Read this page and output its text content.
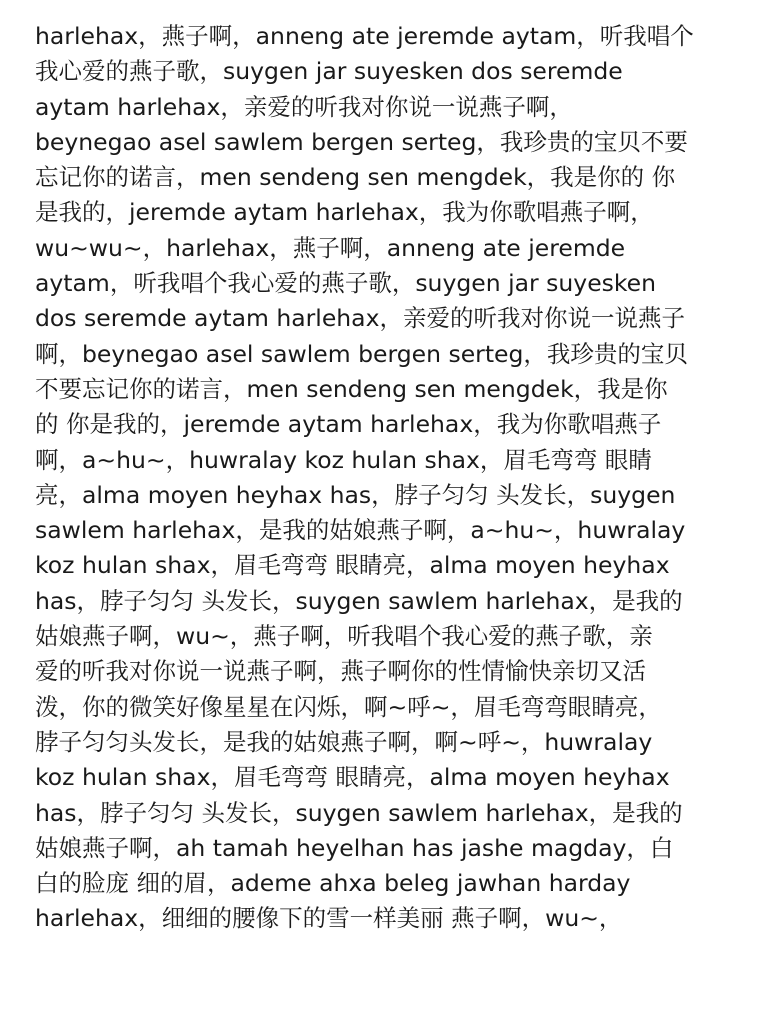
harlehax，燕子啊，anneng ate jeremde aytam，听我唱个
我心爱的燕子歌，suygen jar suyesken dos seremde
aytam harlehax，亲爱的听我对你说一说燕子啊，
beynegao asel sawlem bergen serteg，我珍贵的宝贝不要
忘记你的诺言，men sendeng sen mengdek，我是你的 你
是我的，jeremde aytam harlehax，我为你歌唱燕子啊，
wu~wu~，harlehax，燕子啊，anneng ate jeremde
aytam，听我唱个我心爱的燕子歌，suygen jar suyesken
dos seremde aytam harlehax，亲爱的听我对你说一说燕子
啊，beynegao asel sawlem bergen serteg，我珍贵的宝贝
不要忘记你的诺言，men sendeng sen mengdek，我是你
的 你是我的，jeremde aytam harlehax，我为你歌唱燕子
啊，a~hu~，huwralay koz hulan shax，眉毛弯弯 眼睛
亮，alma moyen heyhax has，脖子匀匀 头发长，suygen
sawlem harlehax，是我的姑娘燕子啊，a~hu~，huwralay
koz hulan shax，眉毛弯弯 眼睛亮，alma moyen heyhax
has，脖子匀匀 头发长，suygen sawlem harlehax，是我的
姑娘燕子啊，wu~，燕子啊，听我唱个我心爱的燕子歌，亲
爱的听我对你说一说燕子啊，燕子啊你的性情愉快亲切又活
泼，你的微笑好像星星在闪烁，啊~呼~，眉毛弯弯眼睛亮，
脖子匀匀头发长，是我的姑娘燕子啊，啊~呼~，huwralay
koz hulan shax，眉毛弯弯 眼睛亮，alma moyen heyhax
has，脖子匀匀 头发长，suygen sawlem harlehax，是我的
姑娘燕子啊，ah tamah heyelhan has jashe magday，白
白的脸庞 细的眉，ademe ahxa beleg jawhan harday
harlehax，细细的腰像下的雪一样美丽 燕子啊，wu~，
